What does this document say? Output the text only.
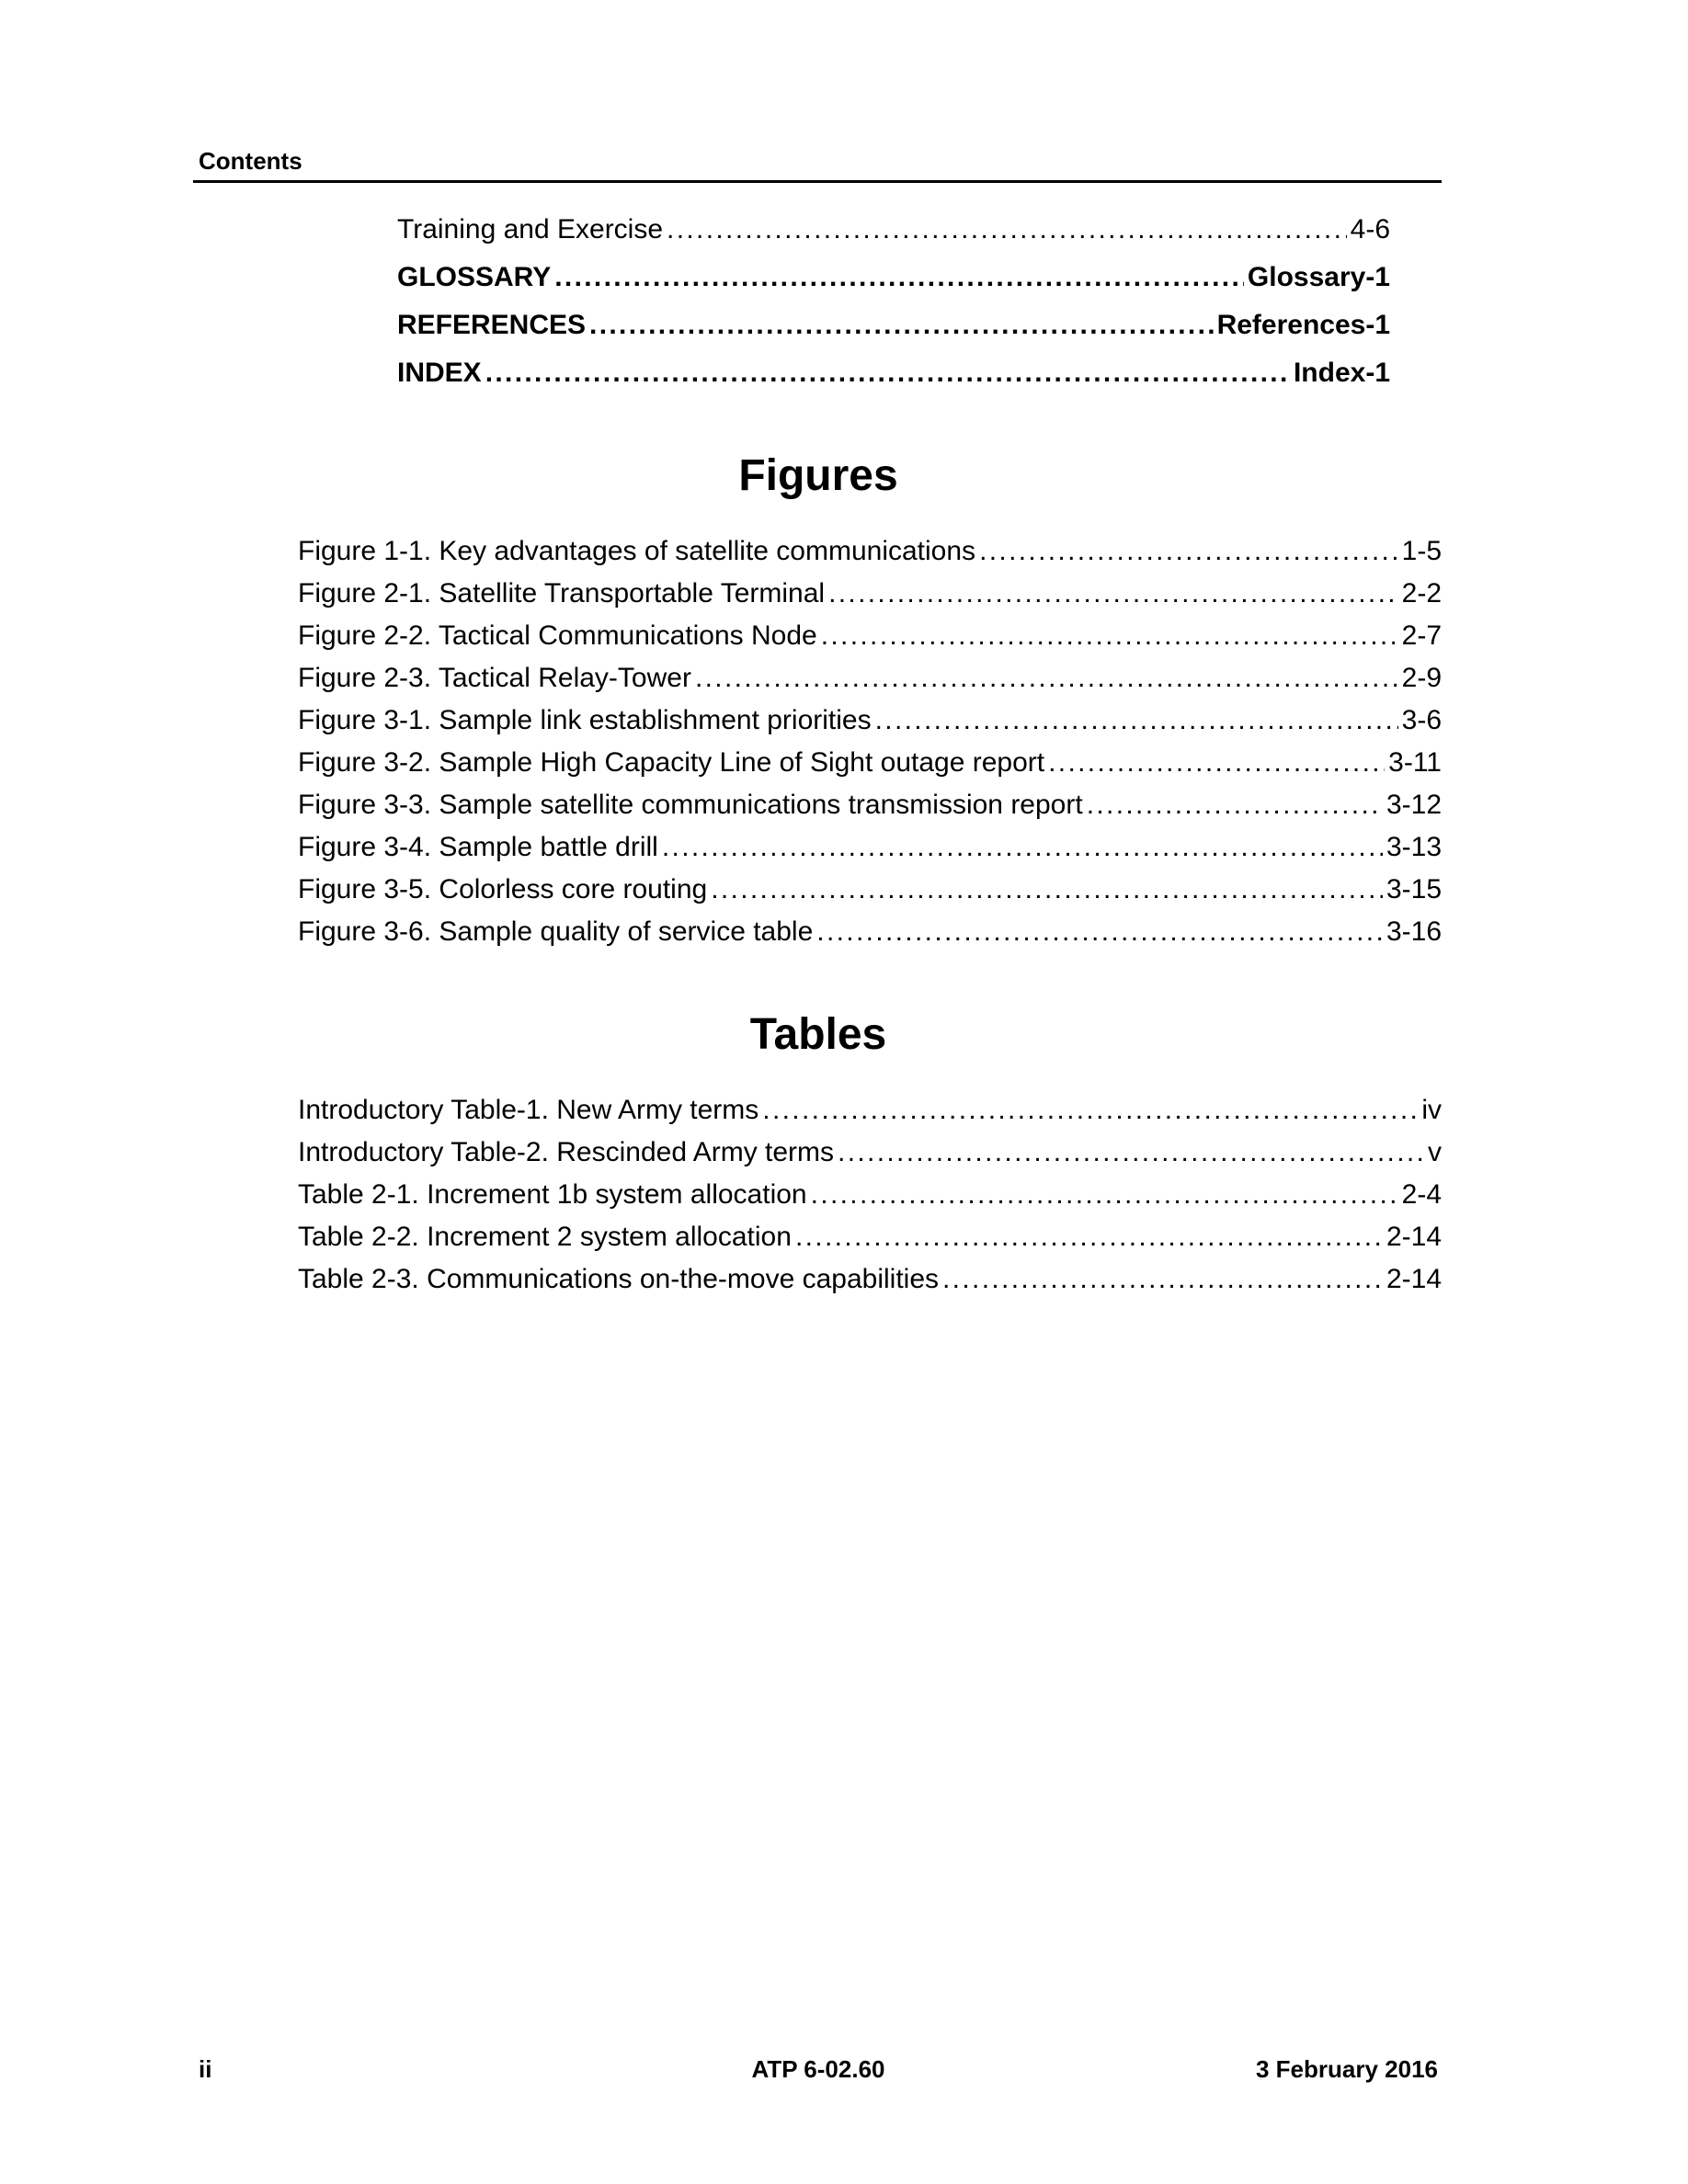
Contents
Training and Exercise . . .	4-6
GLOSSARY . . .	Glossary-1
REFERENCES . . .	References-1
INDEX . . .	Index-1
Figures
Figure 1-1. Key advantages of satellite communications . . .	1-5
Figure 2-1. Satellite Transportable Terminal . . .	2-2
Figure 2-2. Tactical Communications Node . . .	2-7
Figure 2-3. Tactical Relay-Tower . . .	2-9
Figure 3-1. Sample link establishment priorities . . .	3-6
Figure 3-2. Sample High Capacity Line of Sight outage report . . .	3-11
Figure 3-3. Sample satellite communications transmission report . . .	3-12
Figure 3-4. Sample battle drill . . .	3-13
Figure 3-5. Colorless core routing . . .	3-15
Figure 3-6. Sample quality of service table . . .	3-16
Tables
Introductory Table-1. New Army terms . . .	iv
Introductory Table-2. Rescinded Army terms . . .	v
Table 2-1. Increment 1b system allocation . . .	2-4
Table 2-2. Increment 2 system allocation . . .	2-14
Table 2-3. Communications on-the-move capabilities . . .	2-14
ii	ATP 6-02.60	3 February 2016
